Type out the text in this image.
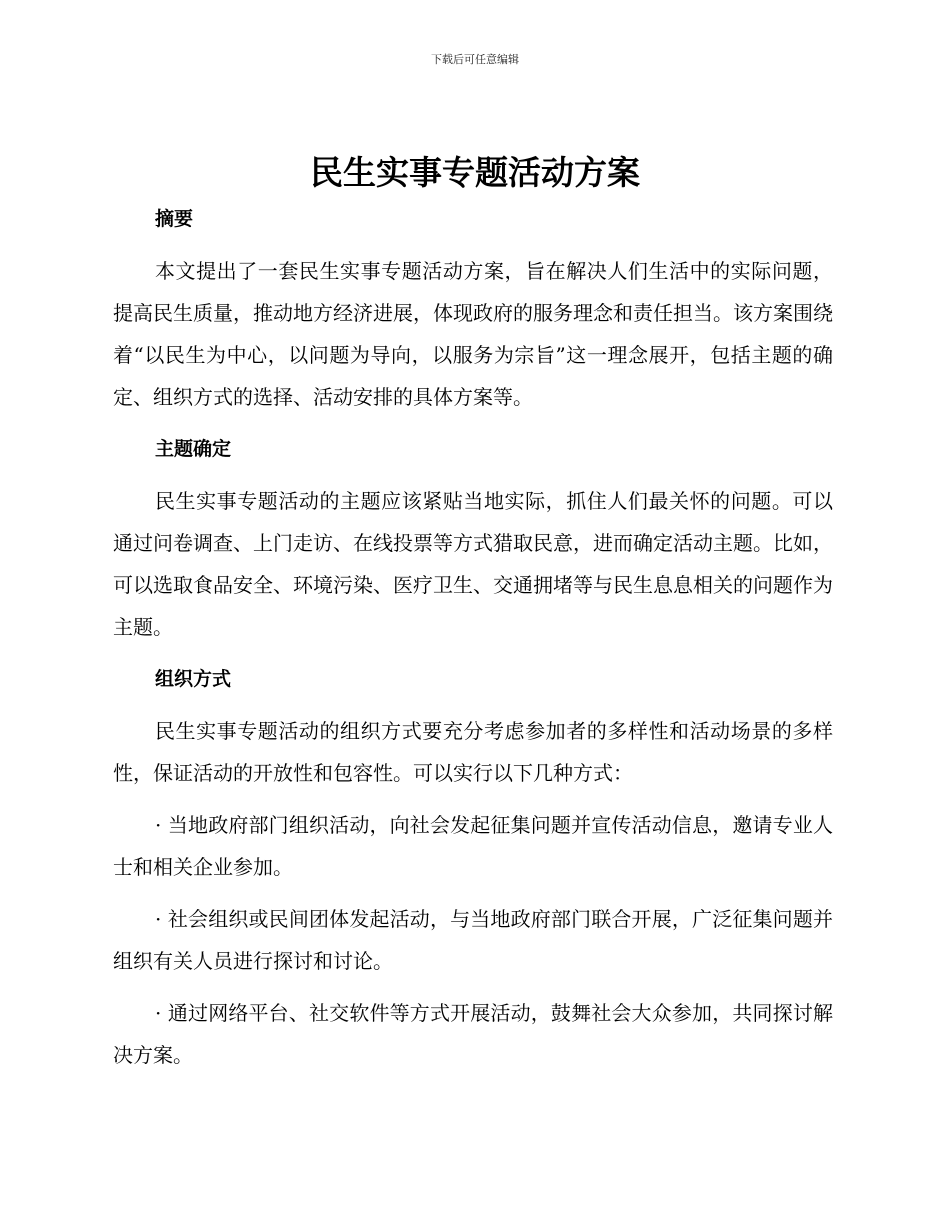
下载后可任意编辑
民生实事专题活动方案
摘要

本文提出了一套民生实事专题活动方案，旨在解决人们生活中的实际问题，提高民生质量，推动地方经济进展，体现政府的服务理念和责任担当。该方案围绕着“以民生为中心，以问题为导向，以服务为宗旨”这一理念展开，包括主题的确定、组织方式的选择、活动安排的具体方案等。

主题确定

民生实事专题活动的主题应该紧贴当地实际，抓住人们最关怀的问题。可以通过问卷调查、上门走访、在线投票等方式猎取民意，进而确定活动主题。比如，可以选取食品安全、环境污染、医疗卫生、交通拥堵等与民生息息相关的问题作为主题。

组织方式

民生实事专题活动的组织方式要充分考虑参加者的多样性和活动场景的多样性，保证活动的开放性和包容性。可以实行以下几种方式：

· 当地政府部门组织活动，向社会发起征集问题并宣传活动信息，邀请专业人士和相关企业参加。

· 社会组织或民间团体发起活动，与当地政府部门联合开展，广泛征集问题并组织有关人员进行探讨和讨论。

· 通过网络平台、社交软件等方式开展活动，鼓舞社会大众参加，共同探讨解决方案。
